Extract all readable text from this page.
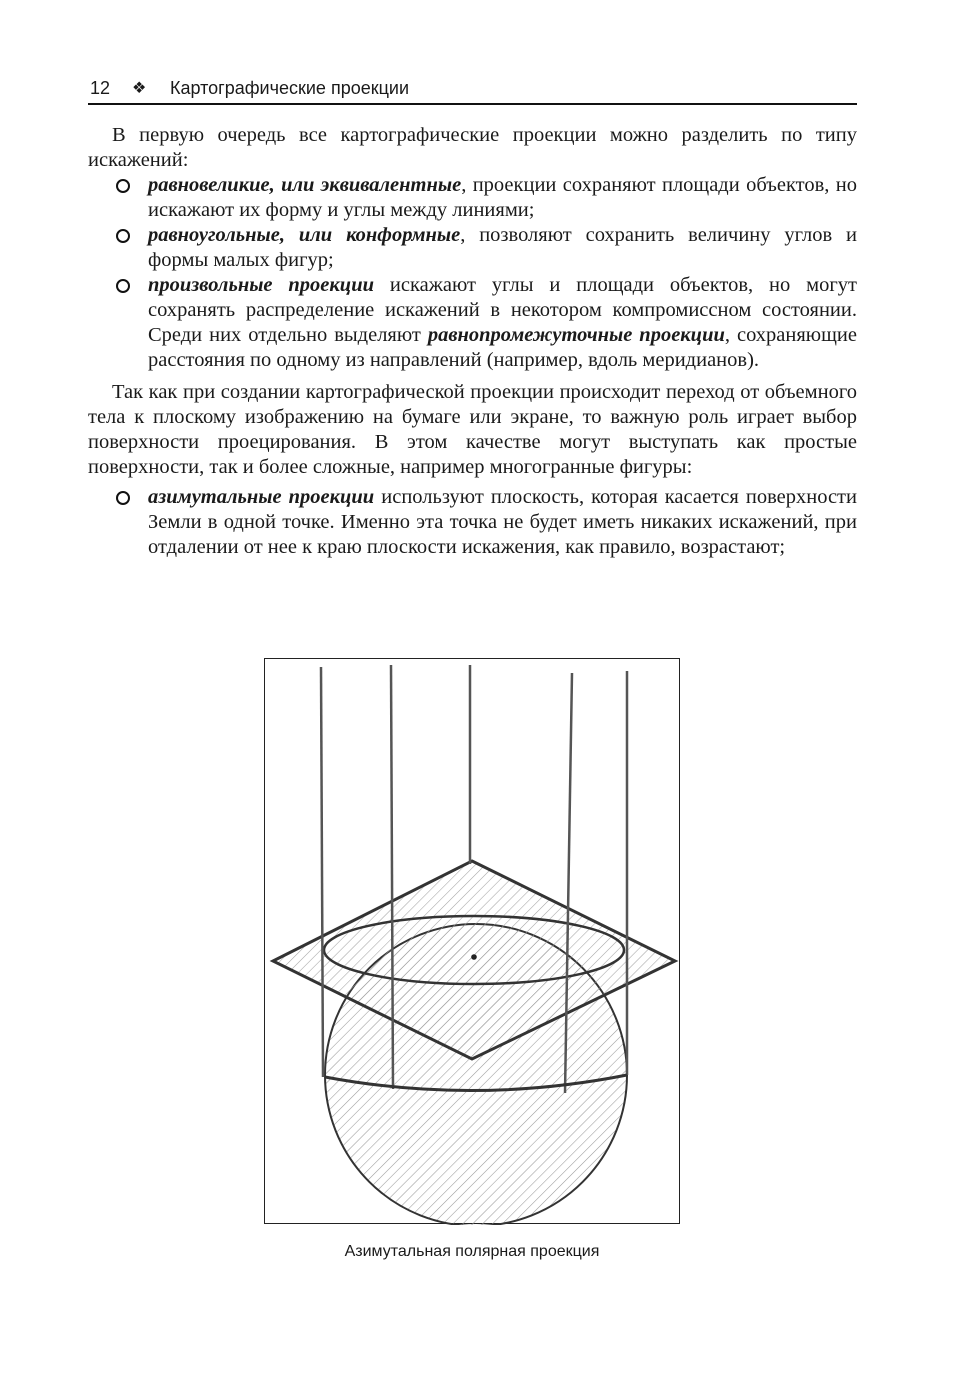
12 ❖ Картографические проекции

В первую очередь все картографические проекции можно разделить по типу искажений:

равновеликие, или эквивалентные, проекции сохраняют площади объектов, но искажают их форму и углы между линиями;
равноугольные, или конформные, позволяют сохранить величину углов и формы малых фигур;
произвольные проекции искажают углы и площади объектов, но могут сохранять распределение искажений в некотором компромиссном состоянии. Среди них отдельно выделяют равнопромежуточные проекции, сохраняющие расстояния по одному из направлений (например, вдоль меридианов).

Так как при создании картографической проекции происходит переход от объемного тела к плоскому изображению на бумаге или экране, то важную роль играет выбор поверхности проецирования. В этом качестве могут выступать как простые поверхности, так и более сложные, например многогранные фигуры:

азимутальные проекции используют плоскость, которая касается поверхности Земли в одной точке. Именно эта точка не будет иметь никаких искажений, при отдалении от нее к краю плоскости искажения, как правило, возрастают;
Азимутальная полярная проекция
